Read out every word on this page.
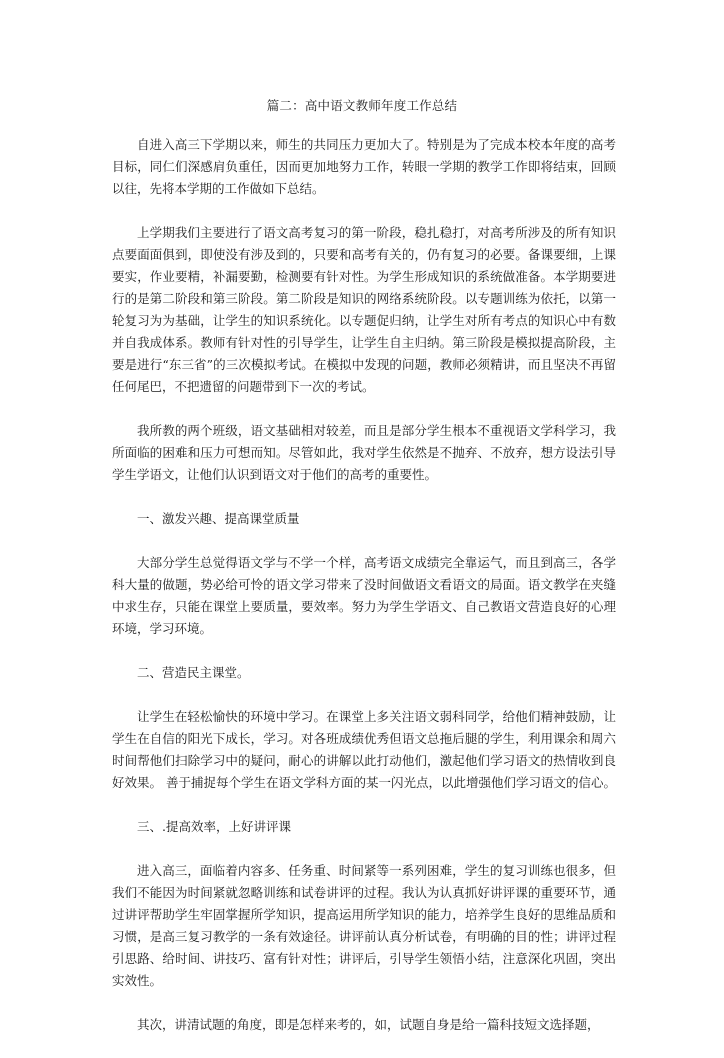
篇二：高中语文教师年度工作总结

自进入高三下学期以来，师生的共同压力更加大了。特别是为了完成本校本年度的高考目标，同仁们深感肩负重任，因而更加地努力工作，转眼一学期的教学工作即将结束，回顾以往，先将本学期的工作做如下总结。

上学期我们主要进行了语文高考复习的第一阶段，稳扎稳打，对高考所涉及的所有知识点要面面俱到，即使没有涉及到的，只要和高考有关的，仍有复习的必要。备课要细，上课要实，作业要精，补漏要勤，检测要有针对性。为学生形成知识的系统做准备。本学期要进行的是第二阶段和第三阶段。第二阶段是知识的网络系统阶段。以专题训练为依托，以第一轮复习为为基础，让学生的知识系统化。以专题促归纳，让学生对所有考点的知识心中有数并自我成体系。教师有针对性的引导学生，让学生自主归纳。第三阶段是模拟提高阶段，主要是进行“东三省”的三次模拟考试。在模拟中发现的问题，教师必须精讲，而且坚决不再留任何尾巴，不把遗留的问题带到下一次的考试。

我所教的两个班级，语文基础相对较差，而且是部分学生根本不重视语文学科学习，我所面临的困难和压力可想而知。尽管如此，我对学生依然是不抛弃、不放弃，想方设法引导学生学语文，让他们认识到语文对于他们的高考的重要性。

一、激发兴趣、提高课堂质量

大部分学生总觉得语文学与不学一个样，高考语文成绩完全靠运气，而且到高三，各学科大量的做题，势必给可怜的语文学习带来了没时间做语文看语文的局面。语文教学在夹缝中求生存，只能在课堂上要质量，要效率。努力为学生学语文、自己教语文营造良好的心理环境，学习环境。

二、营造民主课堂。

让学生在轻松愉快的环境中学习。在课堂上多关注语文弱科同学，给他们精神鼓励，让学生在自信的阳光下成长，学习。对各班成绩优秀但语文总拖后腿的学生，利用课余和周六时间帮他们扫除学习中的疑问，耐心的讲解以此打动他们，激起他们学习语文的热情收到良好效果。 善于捕捉每个学生在语文学科方面的某一闪光点，以此增强他们学习语文的信心。

三、.提高效率，上好讲评课

进入高三，面临着内容多、任务重、时间紧等一系列困难，学生的复习训练也很多，但我们不能因为时间紧就忽略训练和试卷讲评的过程。我认为认真抓好讲评课的重要环节，通过讲评帮助学生牢固掌握所学知识，提高运用所学知识的能力，培养学生良好的思维品质和习惯，是高三复习教学的一条有效途径。讲评前认真分析试卷，有明确的目的性；讲评过程引思路、给时间、讲技巧、富有针对性；讲评后，引导学生领悟小结，注意深化巩固，突出实效性。

其次，讲清试题的角度，即是怎样来考的，如，试题自身是给一篇科技短文选择题，
